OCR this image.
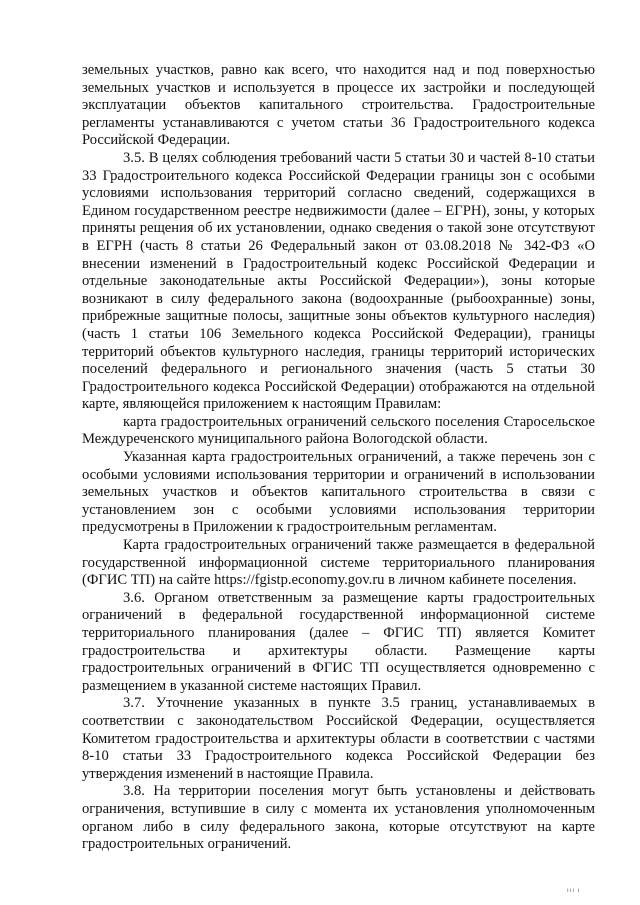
земельных участков, равно как всего, что находится над и под поверхностью земельных участков и используется в процессе их застройки и последующей эксплуатации объектов капитального строительства. Градостроительные регламенты устанавливаются с учетом статьи 36 Градостроительного кодекса Российской Федерации.

3.5. В целях соблюдения требований части 5 статьи 30 и частей 8-10 статьи 33 Градостроительного кодекса Российской Федерации границы зон с особыми условиями использования территорий согласно сведений, содержащихся в Едином государственном реестре недвижимости (далее – ЕГРН), зоны, у которых приняты рещения об их установлении, однако сведения о такой зоне отсутствуют в ЕГРН (часть 8 статьи 26 Федеральный закон от 03.08.2018 № 342-ФЗ «О внесении изменений в Градостроительный кодекс Российской Федерации и отдельные законодательные акты Российской Федерации»), зоны которые возникают в силу федерального закона (водоохранные (рыбоохранные) зоны, прибрежные защитные полосы, защитные зоны объектов культурного наследия) (часть 1 статьи 106 Земельного кодекса Российской Федерации), границы территорий объектов культурного наследия, границы территорий исторических поселений федерального и регионального значения (часть 5 статьи 30 Градостроительного кодекса Российской Федерации) отображаются на отдельной карте, являющейся приложением к настоящим Правилам:

карта градостроительных ограничений сельского поселения Старосельское Междуреченского муниципального района Вологодской области.

Указанная карта градостроительных ограничений, а также перечень зон с особыми условиями использования территории и ограничений в использовании земельных участков и объектов капитального строительства в связи с установлением зон с особыми условиями использования территории предусмотрены в Приложении к градостроительным регламентам.

Карта градостроительных ограничений также размещается в федеральной государственной информационной системе территориального планирования (ФГИС ТП) на сайте https://fgistp.economy.gov.ru в личном кабинете поселения.

3.6. Органом ответственным за размещение карты градостроительных ограничений в федеральной государственной информационной системе территориального планирования (далее – ФГИС ТП) является Комитет градостроительства и архитектуры области. Размещение карты градостроительных ограничений в ФГИС ТП осуществляется одновременно с размещением в указанной системе настоящих Правил.

3.7. Уточнение указанных в пункте 3.5 границ, устанавливаемых в соответствии с законодательством Российской Федерации, осуществляется Комитетом градостроительства и архитектуры области в соответствии с частями 8-10 статьи 33 Градостроительного кодекса Российской Федерации без утверждения изменений в настоящие Правила.

3.8. На территории поселения могут быть установлены и действовать ограничения, вступившие в силу с момента их установления уполномоченным органом либо в силу федерального закона, которые отсутствуют на карте градостроительных ограничений.

ııı ı
